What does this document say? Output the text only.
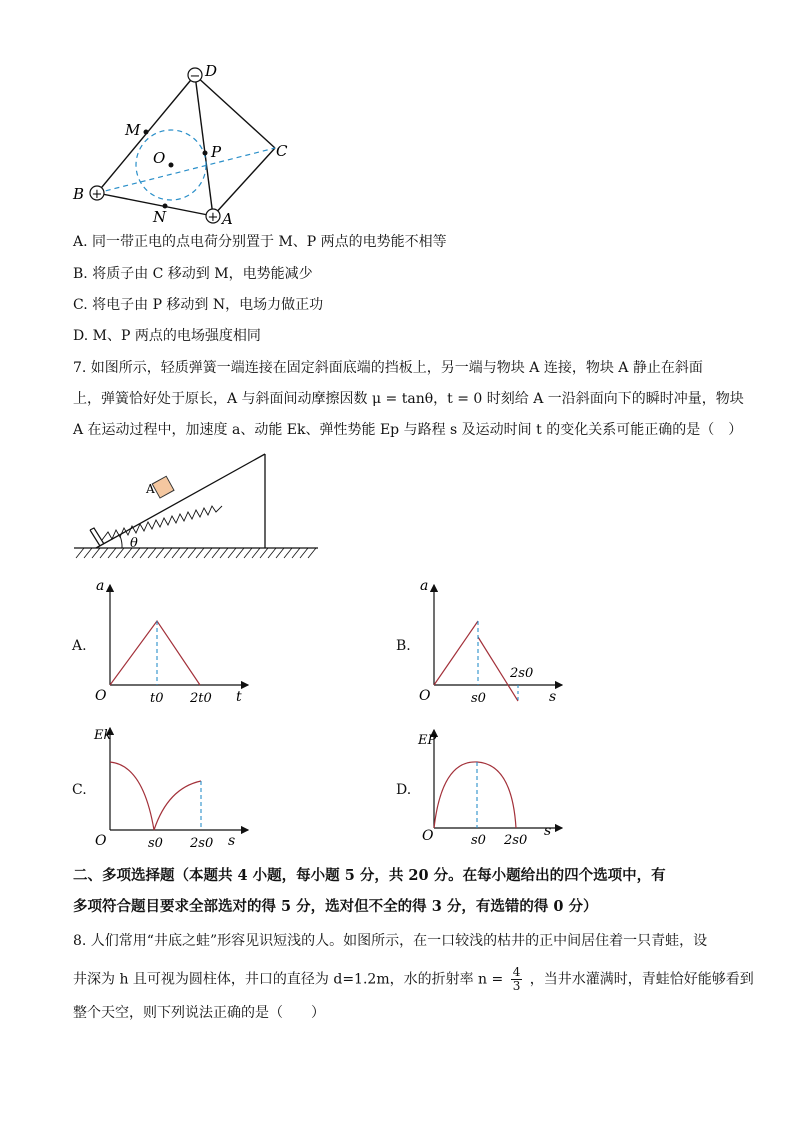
−
+
+
D
C
B
A
M
N
O	P
A. 同一带正电的点电荷分别置于 M、P 两点的电势能不相等
B. 将质子由 C 移动到 M，电势能减少
C. 将电子由 P 移动到 N，电场力做正功
D. M、P 两点的电场强度相同
7. 如图所示，轻质弹簧一端连接在固定斜面底端的挡板上，另一端与物块 A 连接，物块 A 静止在斜面
上，弹簧恰好处于原长，A 与斜面间动摩擦因数 μ = tanθ，t = 0 时刻给 A 一沿斜面向下的瞬时冲量，物块
A 在运动过程中，加速度 a、动能 Ek、弹性势能 Ep 与路程 s 及运动时间 t 的变化关系可能正确的是（　）
A
θ
A.
O
a
t
t0 2t0
B.
O
a
s
s0
2s0
C.
O
Ek
s
s0 2s0
D.
O
EP
s
s0 2s0
二、多项选择题（本题共 4 小题，每小题 5 分，共 20 分。在每小题给出的四个选项中，有
多项符合题目要求全部选对的得 5 分，选对但不全的得 3 分，有选错的得 0 分）
8. 人们常用“井底之蛙”形容见识短浅的人。如图所示，在一口较浅的枯井的正中间居住着一只青蛙，设
井深为 h 且可视为圆柱体，井口的直径为 d=1.2m，水的折射率 $n = \frac{4}{3}$ ，当井水灌满时，青蛙恰好能够看到
整个天空，则下列说法正确的是（　　）
